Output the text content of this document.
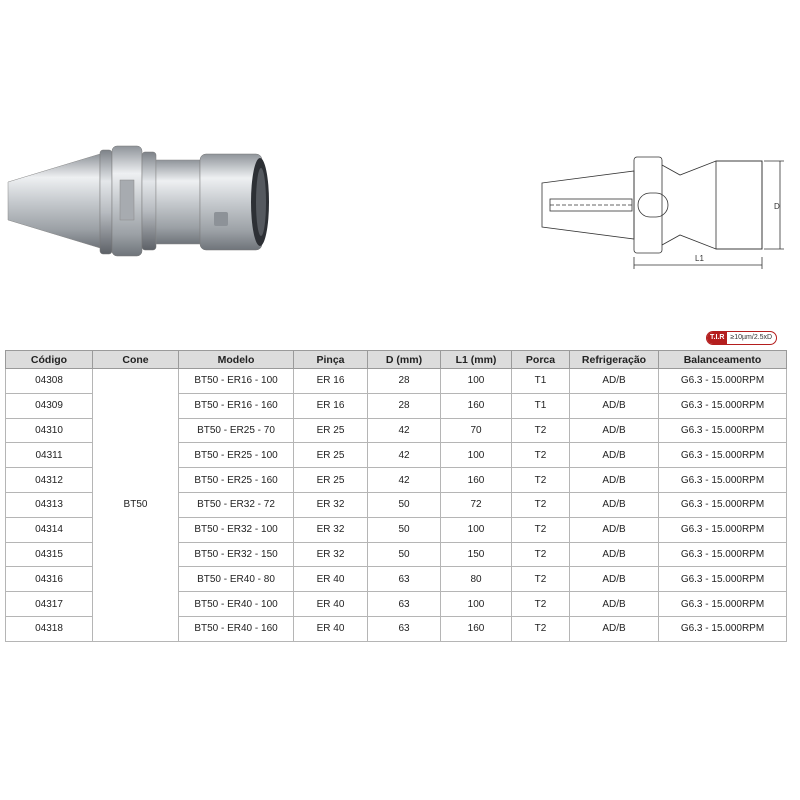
L1
D
T.I.R ≥10µm/2.5xD
Código	Cone	Modelo	Pinça	D (mm)	L1 (mm)	Porca	Refrigeração	Balanceamento
04308	BT50	BT50 - ER16 - 100	ER 16	28	100	T1	AD/B	G6.3 - 15.000RPM
04309		BT50 - ER16 - 160	ER 16	28	160	T1	AD/B	G6.3 - 15.000RPM
04310		BT50 - ER25 - 70	ER 25	42	70	T2	AD/B	G6.3 - 15.000RPM
04311		BT50 - ER25 - 100	ER 25	42	100	T2	AD/B	G6.3 - 15.000RPM
04312		BT50 - ER25 - 160	ER 25	42	160	T2	AD/B	G6.3 - 15.000RPM
04313		BT50 - ER32 - 72	ER 32	50	72	T2	AD/B	G6.3 - 15.000RPM
04314		BT50 - ER32 - 100	ER 32	50	100	T2	AD/B	G6.3 - 15.000RPM
04315		BT50 - ER32 - 150	ER 32	50	150	T2	AD/B	G6.3 - 15.000RPM
04316		BT50 - ER40 - 80	ER 40	63	80	T2	AD/B	G6.3 - 15.000RPM
04317		BT50 - ER40 - 100	ER 40	63	100	T2	AD/B	G6.3 - 15.000RPM
04318		BT50 - ER40 - 160	ER 40	63	160	T2	AD/B	G6.3 - 15.000RPM
